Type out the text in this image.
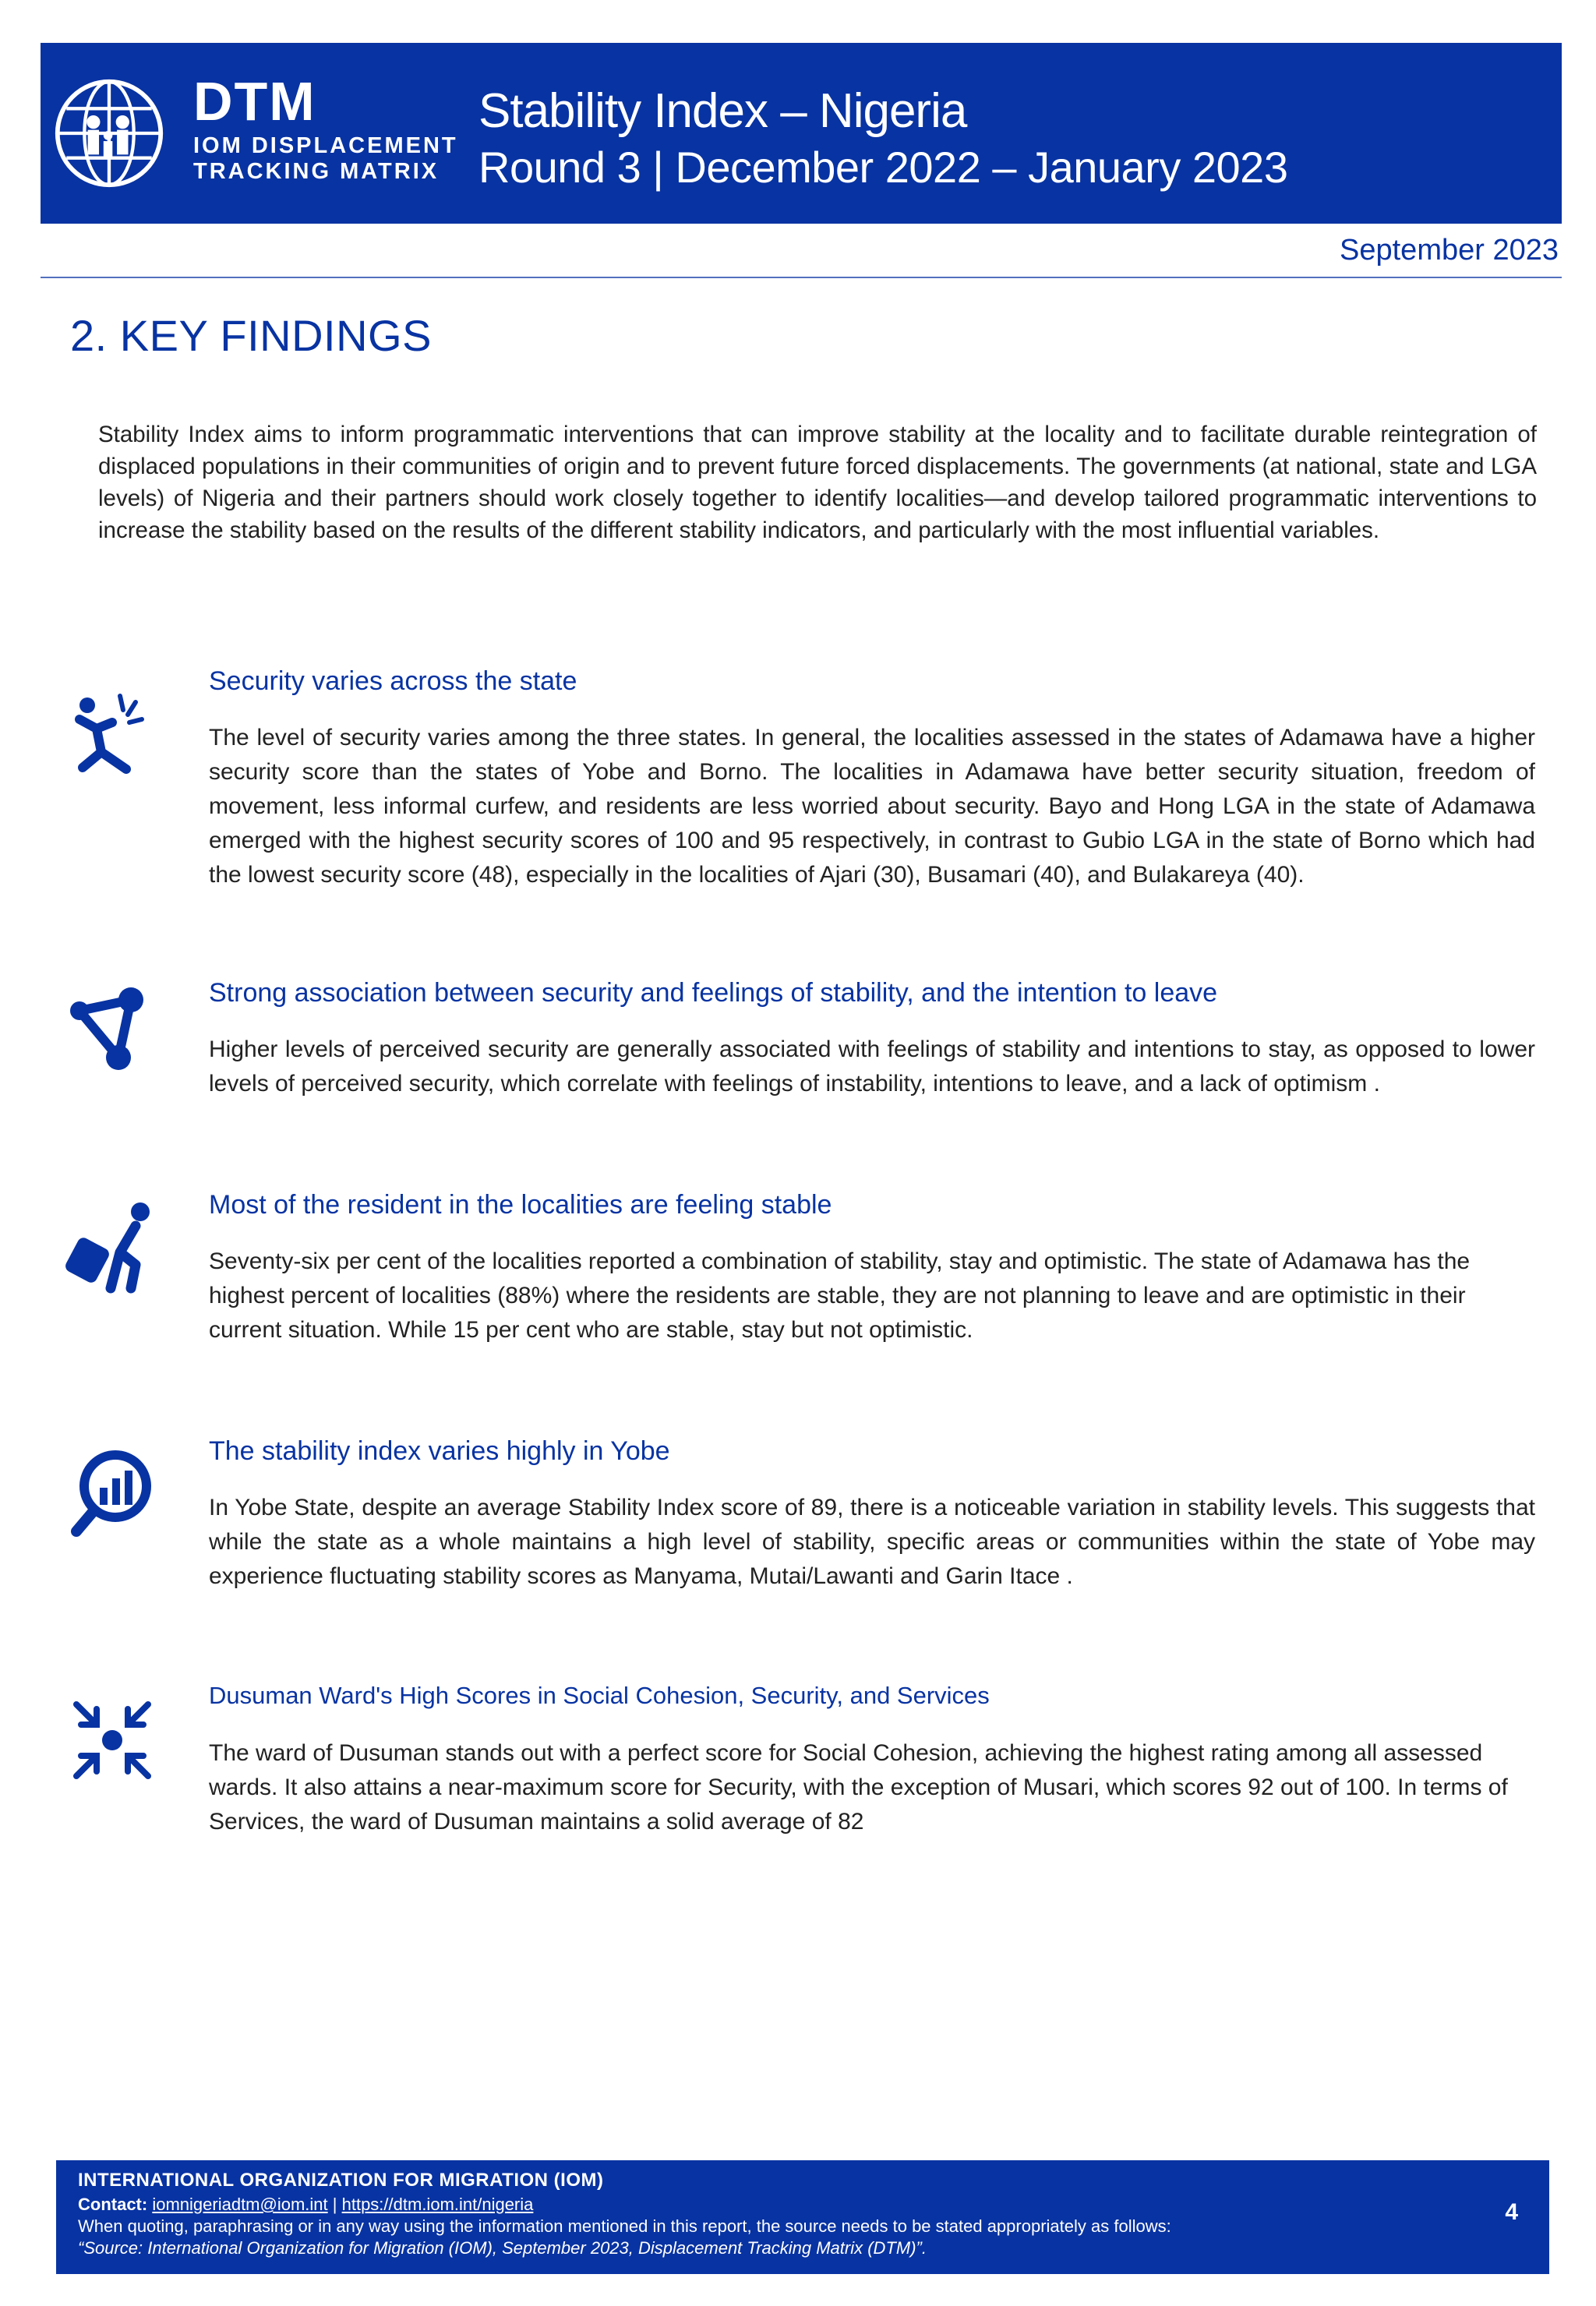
DTM
IOM DISPLACEMENT
TRACKING MATRIX
Stability Index – Nigeria
Round 3 | December 2022 – January 2023
September 2023
2. KEY FINDINGS
Stability Index aims to inform programmatic interventions that can improve stability at the locality and to facilitate durable reintegration of displaced populations in their communities of origin and to prevent future forced displacements. The governments (at national, state and LGA levels) of Nigeria and their partners should work closely together to identify localities—and develop tailored programmatic interventions to increase the stability based on the results of the different stability indicators, and particularly with the most influential variables.
Security varies across the state
The level of security varies among the three states. In general, the localities assessed in the states of Adamawa have a higher security score than the states of Yobe and Borno. The localities in Adamawa have better security situation, freedom of movement, less informal curfew, and residents are less worried about security. Bayo and Hong LGA in the state of Adamawa emerged with the highest security scores of 100 and 95 respectively, in contrast to Gubio LGA in the state of Borno which had the lowest security score (48), especially in the localities of Ajari (30), Busamari (40), and Bulakareya (40).
Strong association between security and feelings of stability, and the intention to leave
Higher levels of perceived security are generally associated with feelings of stability and intentions to stay, as opposed to lower levels of perceived security, which correlate with feelings of instability, intentions to leave, and a lack of optimism .
Most of the resident in the localities are feeling stable
Seventy-six per cent of the localities reported a combination of stability, stay and optimistic. The state of Adamawa has the highest percent of localities (88%) where the residents are stable, they are not planning to leave and are optimistic in their current situation. While 15 per cent who are stable, stay but not optimistic.
The stability index varies highly in Yobe
In Yobe State, despite an average Stability Index score of 89, there is a noticeable variation in stability levels. This suggests that while the state as a whole maintains a high level of stability, specific areas or communities within the state of Yobe may experience fluctuating stability scores as Manyama, Mutai/Lawanti and Garin Itace .
Dusuman Ward's High Scores in Social Cohesion, Security, and Services
The ward of Dusuman stands out with a perfect score for Social Cohesion, achieving the highest rating among all assessed wards. It also attains a near-maximum score for Security, with the exception of Musari, which scores 92 out of 100. In terms of Services, the ward of Dusuman maintains a solid average of 82
INTERNATIONAL ORGANIZATION FOR MIGRATION (IOM)
Contact: iomnigeriadtm@iom.int | https://dtm.iom.int/nigeria
When quoting, paraphrasing or in any way using the information mentioned in this report, the source needs to be stated appropriately as follows:
“Source: International Organization for Migration (IOM), September 2023, Displacement Tracking Matrix (DTM)”.
4
